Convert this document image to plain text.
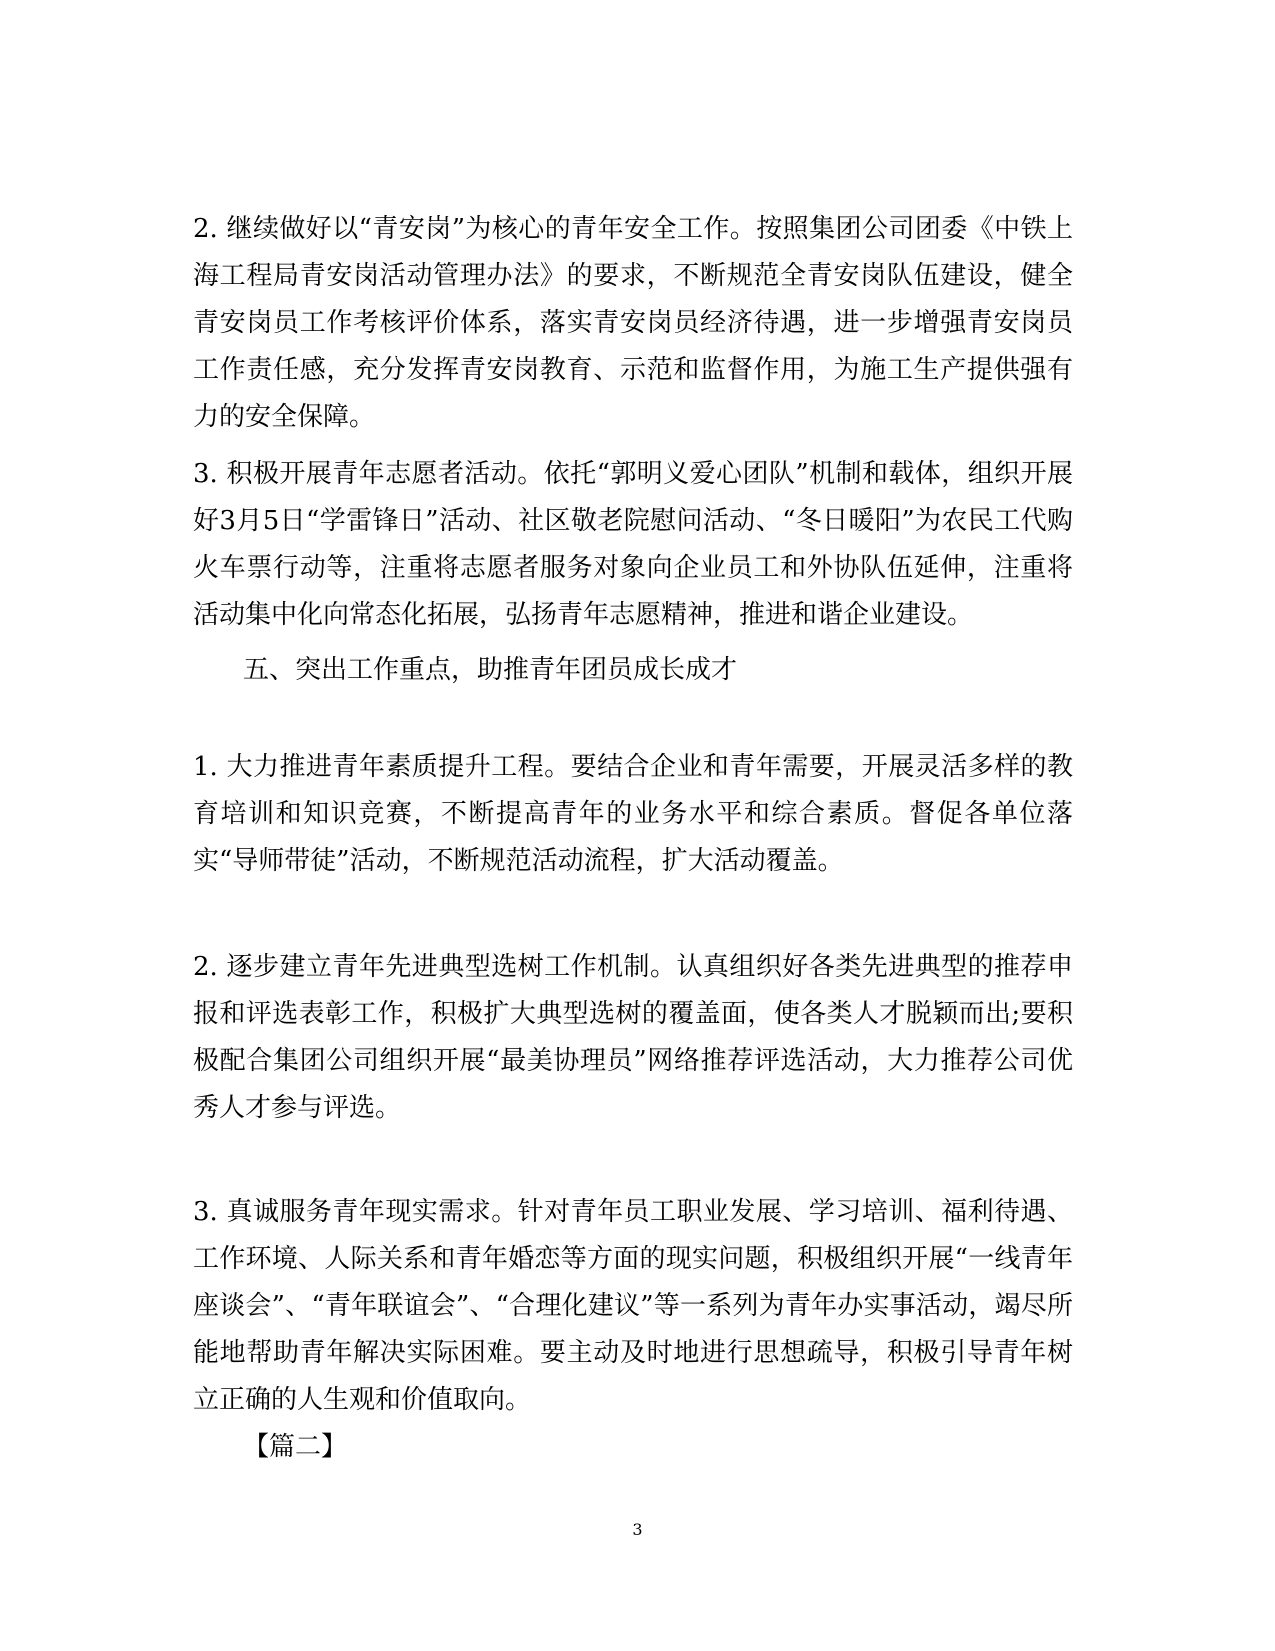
2. 继续做好以“青安岗”为核心的青年安全工作。按照集团公司团委《中铁上海工程局青安岗活动管理办法》的要求，不断规范全青安岗队伍建设，健全青安岗员工作考核评价体系，落实青安岗员经济待遇，进一步增强青安岗员工作责任感，充分发挥青安岗教育、示范和监督作用，为施工生产提供强有力的安全保障。

3. 积极开展青年志愿者活动。依托“郭明义爱心团队”机制和载体，组织开展好3月5日“学雷锋日”活动、社区敬老院慰问活动、“冬日暖阳”为农民工代购火车票行动等，注重将志愿者服务对象向企业员工和外协队伍延伸，注重将活动集中化向常态化拓展，弘扬青年志愿精神，推进和谐企业建设。

五、突出工作重点，助推青年团员成长成才

1. 大力推进青年素质提升工程。要结合企业和青年需要，开展灵活多样的教育培训和知识竞赛，不断提高青年的业务水平和综合素质。督促各单位落实“导师带徒”活动，不断规范活动流程，扩大活动覆盖。

2. 逐步建立青年先进典型选树工作机制。认真组织好各类先进典型的推荐申报和评选表彰工作，积极扩大典型选树的覆盖面，使各类人才脱颖而出;要积极配合集团公司组织开展“最美协理员”网络推荐评选活动，大力推荐公司优秀人才参与评选。

3. 真诚服务青年现实需求。针对青年员工职业发展、学习培训、福利待遇、工作环境、人际关系和青年婚恋等方面的现实问题，积极组织开展“一线青年座谈会”、“青年联谊会”、“合理化建议”等一系列为青年办实事活动，竭尽所能地帮助青年解决实际困难。要主动及时地进行思想疏导，积极引导青年树立正确的人生观和价值取向。

【篇二】

3
